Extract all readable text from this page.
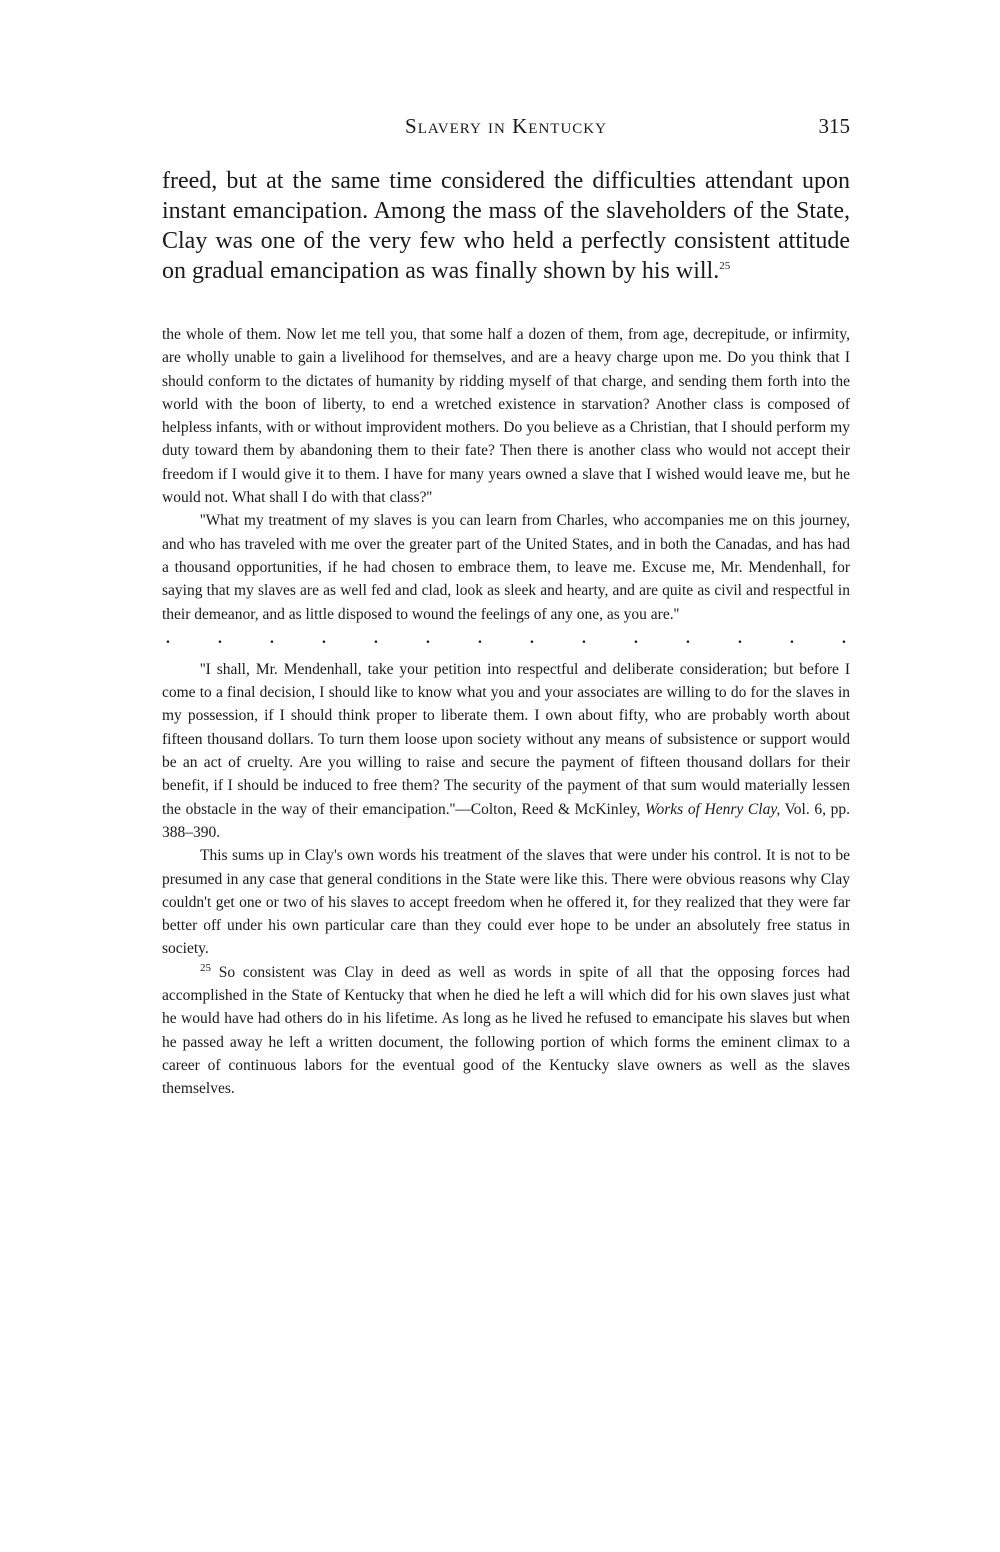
Slavery in Kentucky	315

freed, but at the same time considered the difficulties attendant upon instant emancipation. Among the mass of the slaveholders of the State, Clay was one of the very few who held a perfectly consistent attitude on gradual emancipation as was finally shown by his will.$^{25}$

the whole of them. Now let me tell you, that some half a dozen of them, from age, decrepitude, or infirmity, are wholly unable to gain a livelihood for themselves, and are a heavy charge upon me. Do you think that I should conform to the dictates of humanity by ridding myself of that charge, and sending them forth into the world with the boon of liberty, to end a wretched existence in starvation? Another class is composed of helpless infants, with or without improvident mothers. Do you believe as a Christian, that I should perform my duty toward them by abandoning them to their fate? Then there is another class who would not accept their freedom if I would give it to them. I have for many years owned a slave that I wished would leave me, but he would not. What shall I do with that class?''

''What my treatment of my slaves is you can learn from Charles, who accompanies me on this journey, and who has traveled with me over the greater part of the United States, and in both the Canadas, and has had a thousand opportunities, if he had chosen to embrace them, to leave me. Excuse me, Mr. Mendenhall, for saying that my slaves are as well fed and clad, look as sleek and hearty, and are quite as civil and respectful in their demeanor, and as little disposed to wound the feelings of any one, as you are.''

.	.	.	.	.	.	.	.	.	.	.	.	.	.

''I shall, Mr. Mendenhall, take your petition into respectful and deliberate consideration; but before I come to a final decision, I should like to know what you and your associates are willing to do for the slaves in my possession, if I should think proper to liberate them. I own about fifty, who are probably worth about fifteen thousand dollars. To turn them loose upon society without any means of subsistence or support would be an act of cruelty. Are you willing to raise and secure the payment of fifteen thousand dollars for their benefit, if I should be induced to free them? The security of the payment of that sum would materially lessen the obstacle in the way of their emancipation.''—Colton, Reed & McKinley, Works of Henry Clay, Vol. 6, pp. 388–390.

This sums up in Clay's own words his treatment of the slaves that were under his control. It is not to be presumed in any case that general conditions in the State were like this. There were obvious reasons why Clay couldn't get one or two of his slaves to accept freedom when he offered it, for they realized that they were far better off under his own particular care than they could ever hope to be under an absolutely free status in society.

$^{25}$ So consistent was Clay in deed as well as words in spite of all that the opposing forces had accomplished in the State of Kentucky that when he died he left a will which did for his own slaves just what he would have had others do in his lifetime. As long as he lived he refused to emancipate his slaves but when he passed away he left a written document, the following portion of which forms the eminent climax to a career of continuous labors for the eventual good of the Kentucky slave owners as well as the slaves themselves.
